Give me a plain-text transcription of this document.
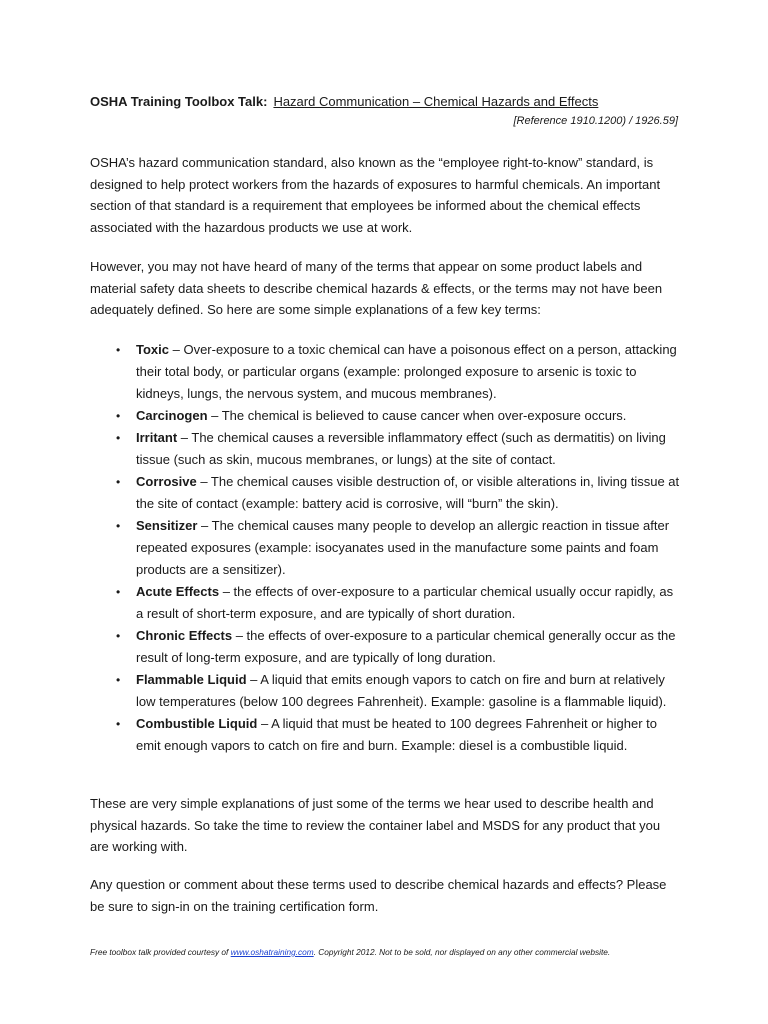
OSHA Training Toolbox Talk: Hazard Communication – Chemical Hazards and Effects
[Reference 1910.1200) / 1926.59]

OSHA’s hazard communication standard, also known as the “employee right-to-know” standard, is designed to help protect workers from the hazards of exposures to harmful chemicals. An important section of that standard is a requirement that employees be informed about the chemical effects associated with the hazardous products we use at work.

However, you may not have heard of many of the terms that appear on some product labels and material safety data sheets to describe chemical hazards & effects, or the terms may not have been adequately defined. So here are some simple explanations of a few key terms:

• Toxic – Over-exposure to a toxic chemical can have a poisonous effect on a person, attacking their total body, or particular organs (example: prolonged exposure to arsenic is toxic to kidneys, lungs, the nervous system, and mucous membranes).
• Carcinogen – The chemical is believed to cause cancer when over-exposure occurs.
• Irritant – The chemical causes a reversible inflammatory effect (such as dermatitis) on living tissue (such as skin, mucous membranes, or lungs) at the site of contact.
• Corrosive – The chemical causes visible destruction of, or visible alterations in, living tissue at the site of contact (example: battery acid is corrosive, will “burn” the skin).
• Sensitizer – The chemical causes many people to develop an allergic reaction in tissue after repeated exposures (example: isocyanates used in the manufacture some paints and foam products are a sensitizer).
• Acute Effects – the effects of over-exposure to a particular chemical usually occur rapidly, as a result of short-term exposure, and are typically of short duration.
• Chronic Effects – the effects of over-exposure to a particular chemical generally occur as the result of long-term exposure, and are typically of long duration.
• Flammable Liquid – A liquid that emits enough vapors to catch on fire and burn at relatively low temperatures (below 100 degrees Fahrenheit). Example: gasoline is a flammable liquid).
• Combustible Liquid – A liquid that must be heated to 100 degrees Fahrenheit or higher to emit enough vapors to catch on fire and burn. Example: diesel is a combustible liquid.

These are very simple explanations of just some of the terms we hear used to describe health and physical hazards. So take the time to review the container label and MSDS for any product that you are working with.

Any question or comment about these terms used to describe chemical hazards and effects? Please be sure to sign-in on the training certification form.

Free toolbox talk provided courtesy of www.oshatraining.com. Copyright 2012. Not to be sold, nor displayed on any other commercial website.
